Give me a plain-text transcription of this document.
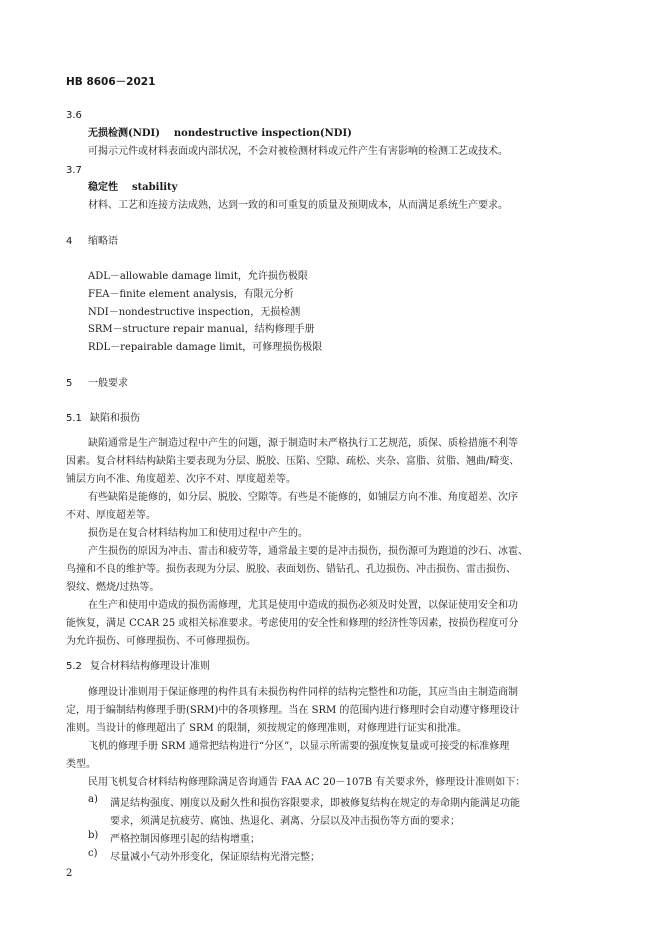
HB 8606－2021
3.6
无损检测(NDI) nondestructive inspection(NDI)
可揭示元件或材料表面或内部状况，不会对被检测材料或元件产生有害影响的检测工艺或技术。
3.7
稳定性 stability
材料、工艺和连接方法成熟，达到一致的和可重复的质量及预期成本，从而满足系统生产要求。
4 缩略语
ADL－allowable damage limit，允许损伤极限
FEA－finite element analysis，有限元分析
NDI－nondestructive inspection，无损检测
SRM－structure repair manual，结构修理手册
RDL－repairable damage limit，可修理损伤极限
5 一般要求
5.1 缺陷和损伤
缺陷通常是生产制造过程中产生的问题，源于制造时未严格执行工艺规范，质保、质检措施不利等
因素。复合材料结构缺陷主要表现为分层、脱胶、压陷、空隙、疏松、夹杂、富脂、贫脂、翘曲/畸变、
铺层方向不准、角度超差、次序不对、厚度超差等。
有些缺陷是能修的，如分层、脱胶、空隙等。有些是不能修的，如铺层方向不准、角度超差、次序
不对、厚度超差等。
损伤是在复合材料结构加工和使用过程中产生的。
产生损伤的原因为冲击、雷击和疲劳等，通常最主要的是冲击损伤，损伤源可为跑道的沙石、冰雹、
鸟撞和不良的维护等。损伤表现为分层、脱胶、表面划伤、错钻孔、孔边损伤、冲击损伤、雷击损伤、
裂纹、燃烧/过热等。
在生产和使用中造成的损伤需修理，尤其是使用中造成的损伤必须及时处置，以保证使用安全和功
能恢复，满足 CCAR 25 或相关标准要求。考虑使用的安全性和修理的经济性等因素，按损伤程度可分
为允许损伤、可修理损伤、不可修理损伤。
5.2 复合材料结构修理设计准则
修理设计准则用于保证修理的构件具有未损伤构件同样的结构完整性和功能，其应当由主制造商制
定，用于编制结构修理手册(SRM)中的各项修理。当在 SRM 的范围内进行修理时会自动遵守修理设计
准则。当设计的修理超出了 SRM 的限制，须按规定的修理准则，对修理进行证实和批准。
飞机的修理手册 SRM 通常把结构进行“分区”，以显示所需要的强度恢复量或可接受的标准修理
类型。
民用飞机复合材料结构修理除满足咨询通告 FAA AC 20－107B 有关要求外，修理设计准则如下：
a) 满足结构强度、刚度以及耐久性和损伤容限要求，即被修复结构在规定的寿命期内能满足功能
要求，须满足抗疲劳、腐蚀、热退化、剥离、分层以及冲击损伤等方面的要求；
b) 严格控制因修理引起的结构增重；
c) 尽量减小气动外形变化，保证原结构光滑完整；
2
